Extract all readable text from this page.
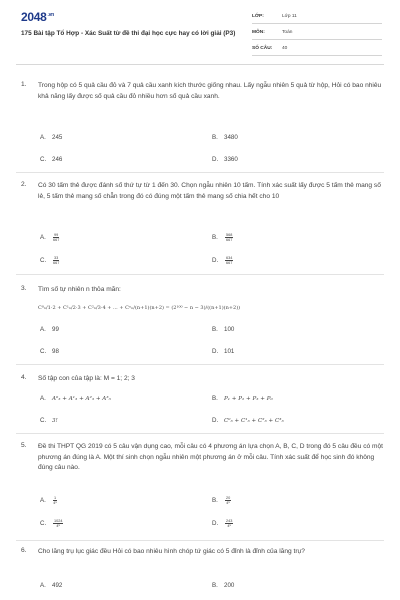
$2048^{.vn}$
175 Bài tập Tổ Hợp - Xác Suất từ đề thi đại học cực hay có lời giải (P3)
LỚP:	Lớp 11
MÔN:	Toán
SỐ CÂU:	40
1. Trong hộp có 5 quả cầu đỏ và 7 quả cầu xanh kích thước giống nhau. Lấy ngẫu nhiên 5 quả từ hộp, Hỏi có bao nhiêu khả năng lấy được số quả cầu đỏ nhiều hơn số quả cầu xanh.
A. 245	B. 3480
C. 246	D. 3360
2. Có 30 tấm thẻ được đánh số thứ tự từ 1 đến 30. Chọn ngẫu nhiên 10 tấm. Tính xác suất lấy được 5 tấm thẻ mang số lẻ, 5 tấm thẻ mang số chẵn trong đó có đúng một tấm thẻ mang số chia hết cho 10
A. $\frac{99}{667}$	B. $\frac{568}{667}$
C. $\frac{33}{667}$	D. $\frac{634}{667}$
3. Tìm số tự nhiên n thỏa mãn:
C⁰ₙ/1·2 + C¹ₙ/2·3 + C²ₙ/3·4 + ... + Cⁿₙ/(n+1)(n+2) = (2¹⁰⁰ − n − 3)/((n+1)(n+2))
A. 99	B. 100
C. 98	D. 101
4. Số tập con của tập là: M = 1; 2; 3
A. A⁰₃ + A¹₃ + A²₃ + A³₃	B. P₁ + P₂ + P₃ + P₀
C. 3!	D. C⁰₃ + C¹₃ + C²₃ + C³₃
5. Đề thi THPT QG 2019 có 5 câu vận dụng cao, mỗi câu có 4 phương án lựa chọn A, B, C, D trong đó 5 câu đều có một phương án đúng là A. Một thí sinh chọn ngẫu nhiên một phương án ở mỗi câu. Tính xác suất để học sinh đó không đúng câu nào.
A. $\frac{1}{\text{4⁵}}$	B. $\frac{20}{\text{4⁵}}$
C. $\frac{1024}{\text{4⁵}}$	D. $\frac{243}{\text{4⁵}}$
6. Cho lăng trụ lục giác đều Hỏi có bao nhiêu hình chóp tứ giác có 5 đỉnh là đỉnh của lăng trụ?
A. 492	B. 200
